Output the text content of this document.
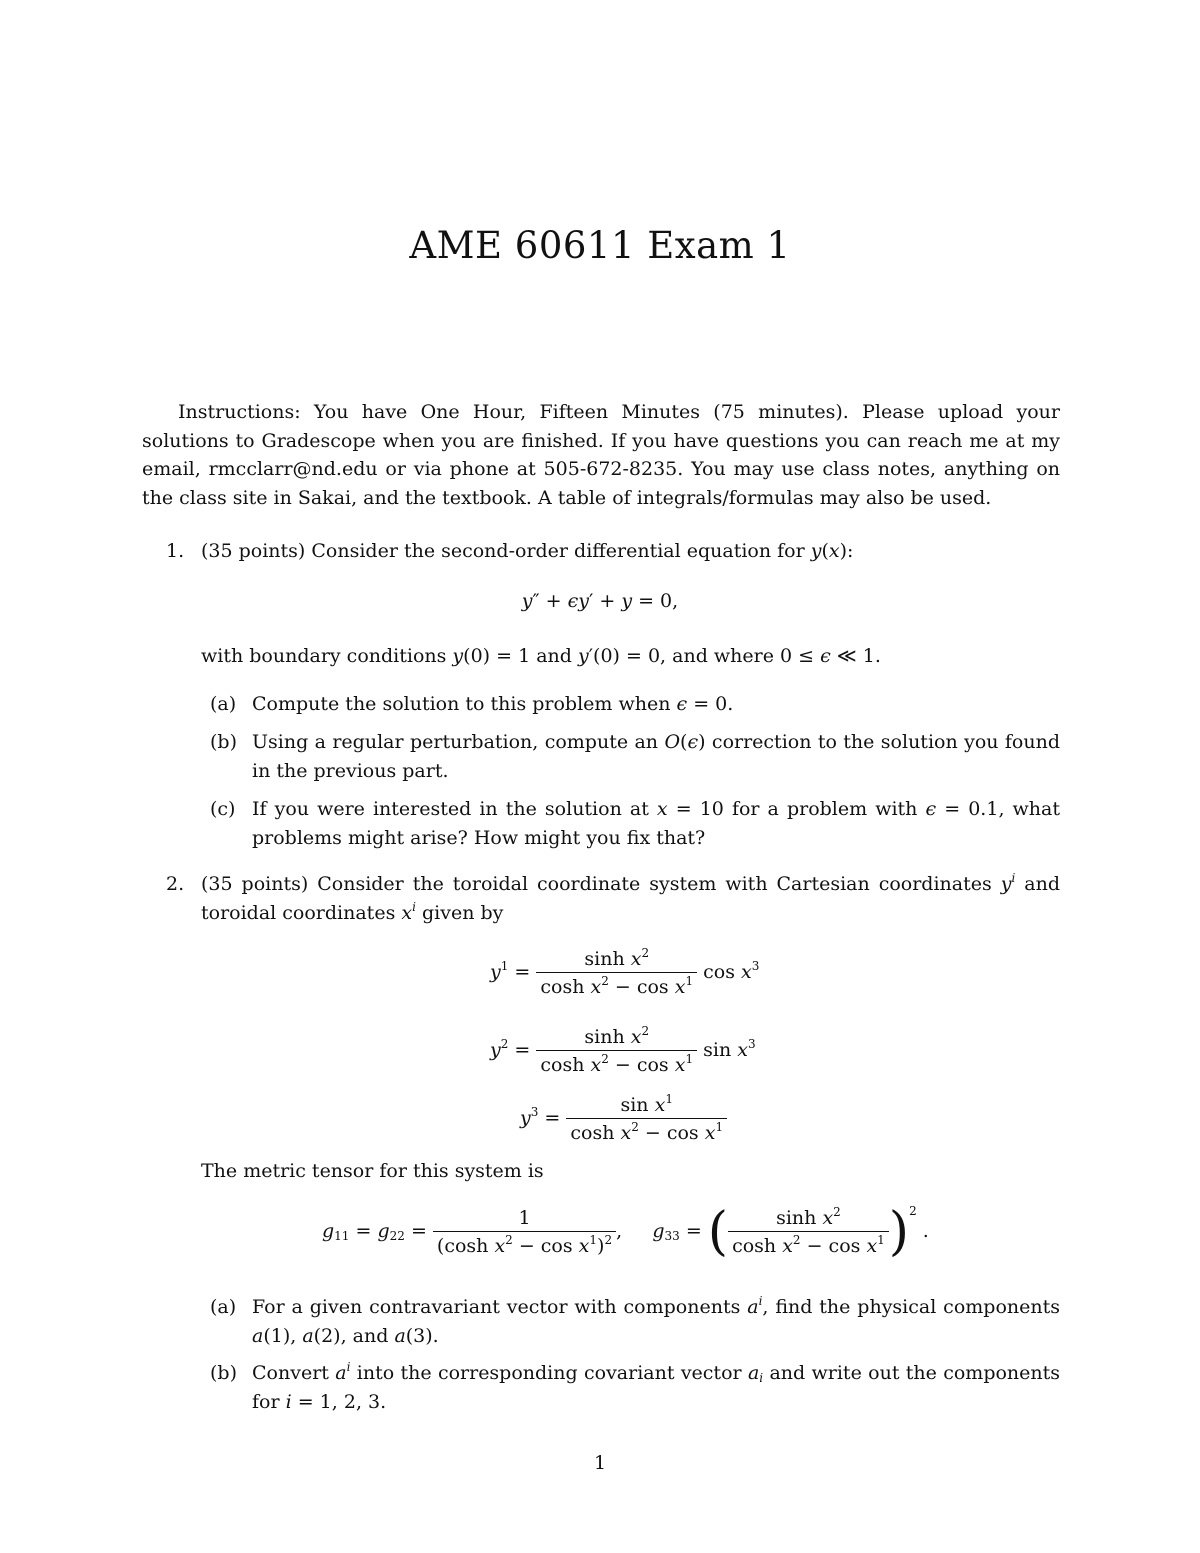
AME 60611 Exam 1
Instructions: You have One Hour, Fifteen Minutes (75 minutes). Please upload your solutions to Gradescope when you are finished. If you have questions you can reach me at my email, rmcclarr@nd.edu or via phone at 505-672-8235. You may use class notes, anything on the class site in Sakai, and the textbook. A table of integrals/formulas may also be used.
1. (35 points) Consider the second-order differential equation for y(x):
y″ + ϵy′ + y = 0,
with boundary conditions y(0) = 1 and y′(0) = 0, and where 0 ≤ ϵ ≪ 1.
(a) Compute the solution to this problem when ϵ = 0.
(b) Using a regular perturbation, compute an O(ϵ) correction to the solution you found in the previous part.
(c) If you were interested in the solution at x = 10 for a problem with ϵ = 0.1, what problems might arise? How might you fix that?
2. (35 points) Consider the toroidal coordinate system with Cartesian coordinates $y^i$ and toroidal coordinates $x^i$ given by
$y^1 = \frac{\sinh x^2}{\cosh x^2 - \cos x^1}$ $\cos x^3$
$y^2 = \frac{\sinh x^2}{\cosh x^2 - \cos x^1}$ $\sin x^3$
$y^3 = \frac{\sin x^1}{\cosh x^2 - \cos x^1}$
The metric tensor for this system is
$g_{11} = g_{22} = \frac{1}{(\cosh x^2 - \cos x^1)^2}$ ,     $g_{33}$ = ( $\frac{\sinh x^2}{\cosh x^2 - \cos x^1} )^2$ .
(a) For a given contravariant vector with components $a^i$, find the physical components a(1), a(2), and a(3).
(b) Convert $a^i$ into the corresponding covariant vector $a_i$ and write out the components for i = 1, 2, 3.
1
